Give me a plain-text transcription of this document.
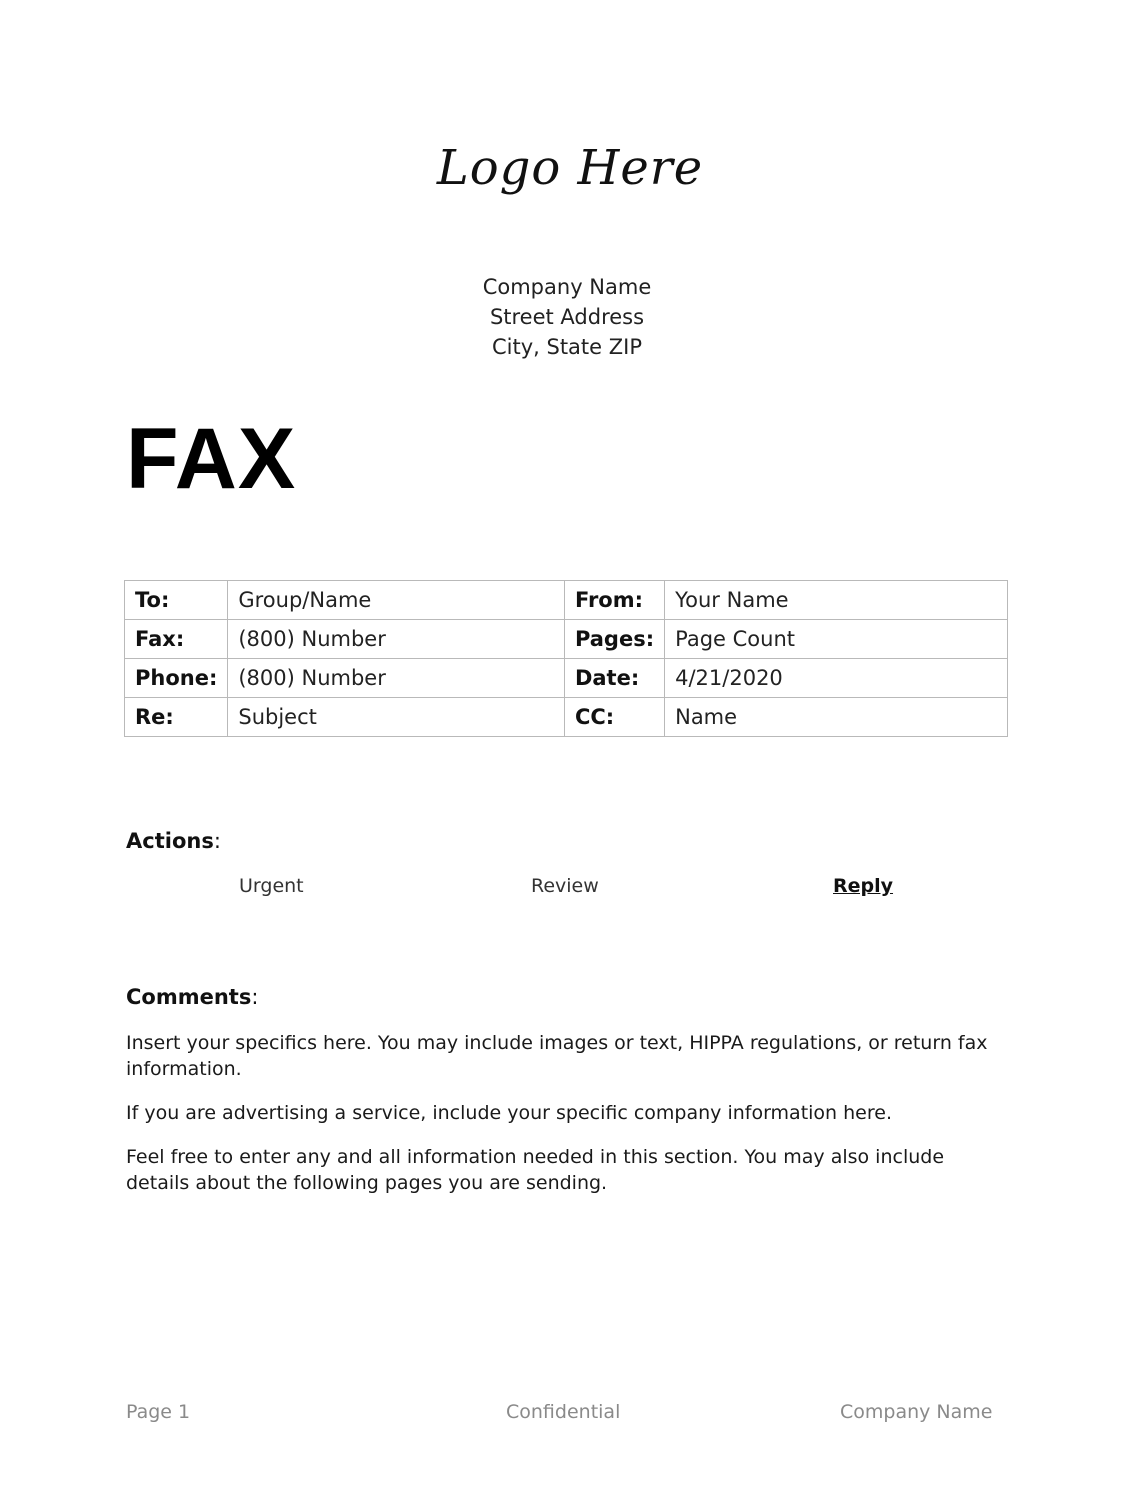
Logo Here
Company Name
Street Address
City, State ZIP
FAX
To:	Group/Name	From:	Your Name
Fax:	(800) Number	Pages:	Page Count
Phone:	(800) Number	Date:	4/21/2020
Re:	Subject	CC:	Name
Actions:
Urgent	Review	Reply
Comments:

Insert your specifics here. You may include images or text, HIPPA regulations, or return fax information.

If you are advertising a service, include your specific company information here.

Feel free to enter any and all information needed in this section. You may also include details about the following pages you are sending.

Page 1	Confidential	Company Name
